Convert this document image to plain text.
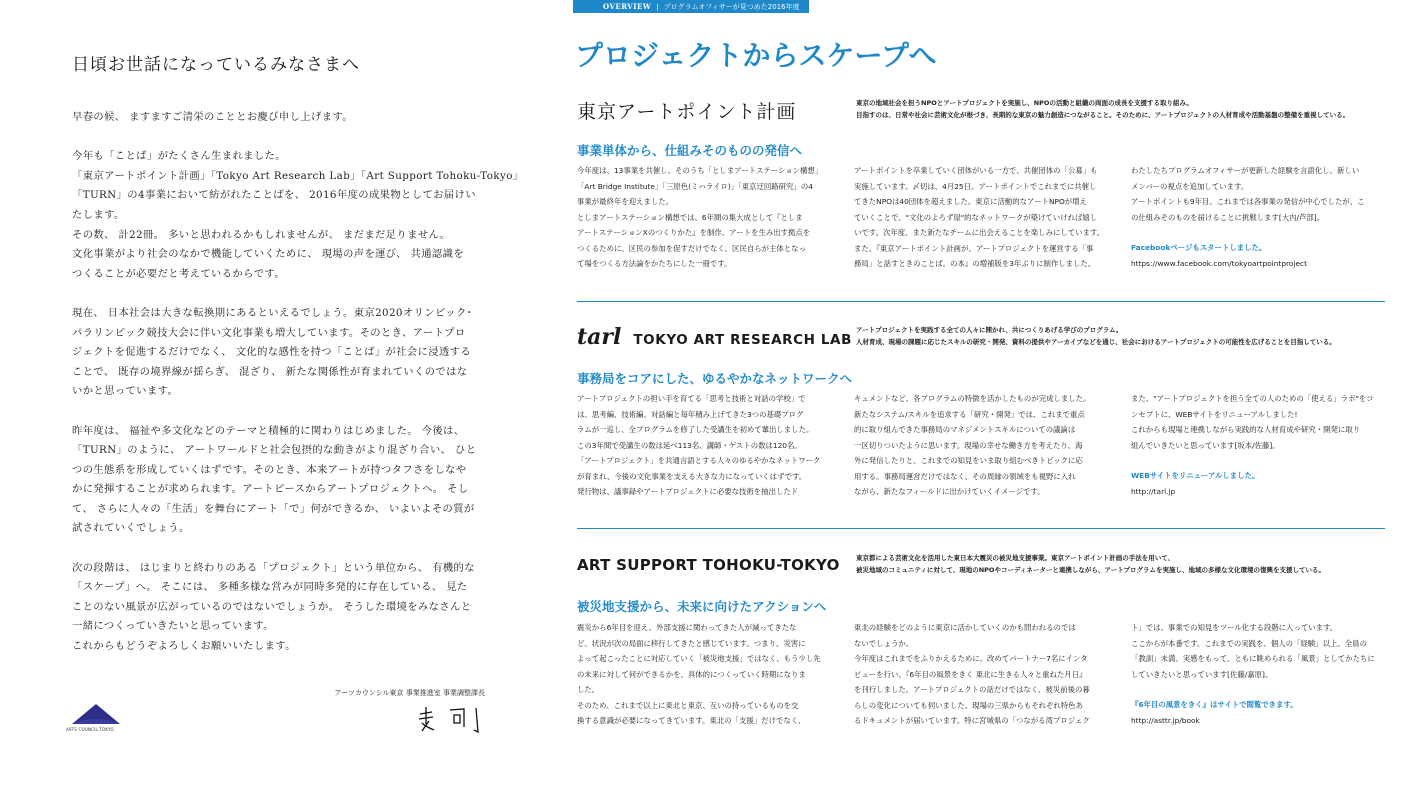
日頃お世話になっているみなさまへ

早春の候、 ますますご清栄のこととお慶び申し上げます。

今年も「ことば」がたくさん生まれました。
「東京アートポイント計画」「Tokyo Art Research Lab」「Art Support Tohoku-Tokyo」
「TURN」の4事業において紡がれたことばを、 2016年度の成果物としてお届けい
たします。
その数、 計22冊。 多いと思われるかもしれませんが、 まだまだ足りません。
文化事業がより社会のなかで機能していくために、 現場の声を運び、 共通認識を
つくることが必要だと考えているからです。

現在、 日本社会は大きな転換期にあるといえるでしょう。東京2020オリンピック･
パラリンピック競技大会に伴い文化事業も増大しています。そのとき、アートプロ
ジェクトを促進するだけでなく、 文化的な感性を持つ「ことば」が社会に浸透する
ことで、 既存の境界線が揺らぎ、 混ざり、 新たな関係性が育まれていくのではな
いかと思っています。

昨年度は、 福祉や多文化などのテーマと積極的に関わりはじめました。 今後は、
「TURN」のように、 アートワールドと社会包摂的な動きがより混ざり合い、 ひと
つの生態系を形成していくはずです。そのとき、本来アートが持つタフさをしなや
かに発揮することが求められます。アートピースからアートプロジェクトへ。 そし
て、 さらに人々の「生活」を舞台にアート「で」何ができるか、 いよいよその質が
試されていくでしょう。

次の段階は、 はじまりと終わりのある「プロジェクト」という単位から、 有機的な
「スケープ」へ。 そこには、 多種多様な営みが同時多発的に存在している、 見た
ことのない風景が広がっているのではないでしょうか。 そうした環境をみなさんと
一緒につくっていきたいと思っています。
これからもどうぞよろしくお願いいたします。

アーツカウンシル東京 事業推進室 事業調整課長
ARTS COUNCIL TOKYO
OVERVIEW | プログラムオフィサーが見つめた2016年度
プロジェクトからスケープへ
東京アートポイント計画	東京の地域社会を担うNPOとアートプロジェクトを実施し、NPOの活動と組織の両面の成長を支援する取り組み。
目指すのは、日常や社会に芸術文化が根づき、長期的な東京の魅力創造につながること。そのために、アートプロジェクトの人材育成や活動基盤の整備を重視している。
事業単体から、仕組みそのものの発信へ
今年度は、13事業を共催し、そのうち「としまアートステーション構想」
「Art Bridge Institute」「三原色(ミハライロ)」「東京迂回路研究」の4
事業が最終年を迎えました。
としまアートステーション構想では、6年間の集大成として『としま
アートステーションXのつくりかた』を制作。アートを生み出す拠点を
つくるために、区民の参加を促すだけでなく、区民自らが主体となっ
て場をつくる方法論をかたちにした一冊です。
アートポイントを卒業していく団体がいる一方で、共催団体の「公募」も
実施しています。〆切は、4月25日。アートポイントでこれまでに共催し
てきたNPOは40団体を超えました。東京に活動的なアートNPOが増え
ていくことで、"文化のよろず屋"的なネットワークが築けていければ嬉し
いです。次年度、また新たなチームに出会えることを楽しみにしています。
また、『東京アートポイント計画が、アートプロジェクトを運営する「事
務局」と話すときのことば。の本』の増補版を3年ぶりに制作しました。
わたしたちプログラムオフィサーが更新した経験を言語化し、新しい
メンバーの視点を追加しています。
アートポイントも9年目。これまでは各事業の発信が中心でしたが、こ
の仕組みそのものを届けることに挑戦します[大内/芦部]。
Facebookページもスタートしました。
https://www.facebook.com/tokyoartpointproject
tarl TOKYO ART RESEARCH LAB
アートプロジェクトを実践する全ての人々に開かれ、共につくりあげる学びのプログラム。
人材育成、現場の課題に応じたスキルの研究・開発、資料の提供やアーカイブなどを通じ、社会におけるアートプロジェクトの可能性を広げることを目指している。
事務局をコアにした、ゆるやかなネットワークへ
アートプロジェクトの担い手を育てる「思考と技術と対話の学校」で
は、思考編、技術編、対話編と毎年積み上げてきた3つの基礎プログ
ラムが一巡し、全プログラムを修了した受講生を初めて輩出しました。
この3年間で受講生の数は延べ113名、講師・ゲストの数は120名。
「アートプロジェクト」を共通言語とする人々のゆるやかなネットワーク
が育まれ、今後の文化事業を支える大きな力になっていくはずです。
発行物は、議事録やアートプロジェクトに必要な技術を抽出したド
キュメントなど、各プログラムの特徴を活かしたものが完成しました。
新たなシステム/スキルを追求する「研究・開発」では、これまで重点
的に取り組んできた事務局のマネジメントスキルについての議論は
一区切りついたように思います。現場の幸せな働き方を考えたり、海
外に発信したりと、これまでの知見をいま取り組むべきトピックに応
用する。事務局運営だけではなく、その周縁の領域をも視野に入れ
ながら、新たなフィールドに出かけていくイメージです。
また、"アートプロジェクトを担う全ての人のための「使える」ラボ"をコ
ンセプトに、WEBサイトをリニューアルしました!
これからも現場と連携しながら実践的な人材育成や研究・開発に取り
組んでいきたいと思っています[坂本/佐藤]。
WEBサイトをリニューアルしました。
http://tarl.jp
ART SUPPORT TOHOKU-TOKYO	東京都による芸術文化を活用した東日本大震災の被災地支援事業。東京アートポイント計画の手法を用いて、
被災地域のコミュニティに対して、現地のNPOやコーディネーターと連携しながら、アートプログラムを実施し、地域の多様な文化環境の復興を支援している。
被災地支援から、未来に向けたアクションへ
震災から6年目を迎え、外部支援に関わってきた人が減ってきたな
ど、状況が次の局面に移行してきたと感じています。つまり、災害に
よって起こったことに対応していく「被災地支援」ではなく、もう少し先
の未来に対して何ができるかを、具体的につくっていく時期になりま
した。
そのため、これまで以上に東北と東京、互いの持っているものを交
換する意識が必要になってきています。東北の「支援」だけでなく、
東北の経験をどのように東京に活かしていくのかも問われるのでは
ないでしょうか。
今年度はこれまでをふりかえるために、改めてパートナー7名にインタ
ビューを行い、『6年目の風景をきく 東北に生きる人々と重ねた月日』
を刊行しました。アートプロジェクトの話だけではなく、被災前後の暮
らしの変化についても伺いました。現場の三県からもそれぞれ特色あ
るドキュメントが届いています。特に宮城県の「つながる湾プロジェク
ト」では、事業での知見をツール化する段階に入っています。
ここからが本番です。これまでの実践を、個人の「経験」以上、全員の
「教訓」未満、実感をもって、ともに眺められる「風景」としてかたちに
していきたいと思っています[佐藤/嘉原]。
『6年目の風景をきく』はサイトで閲覧できます。
http://asttr.jp/book
